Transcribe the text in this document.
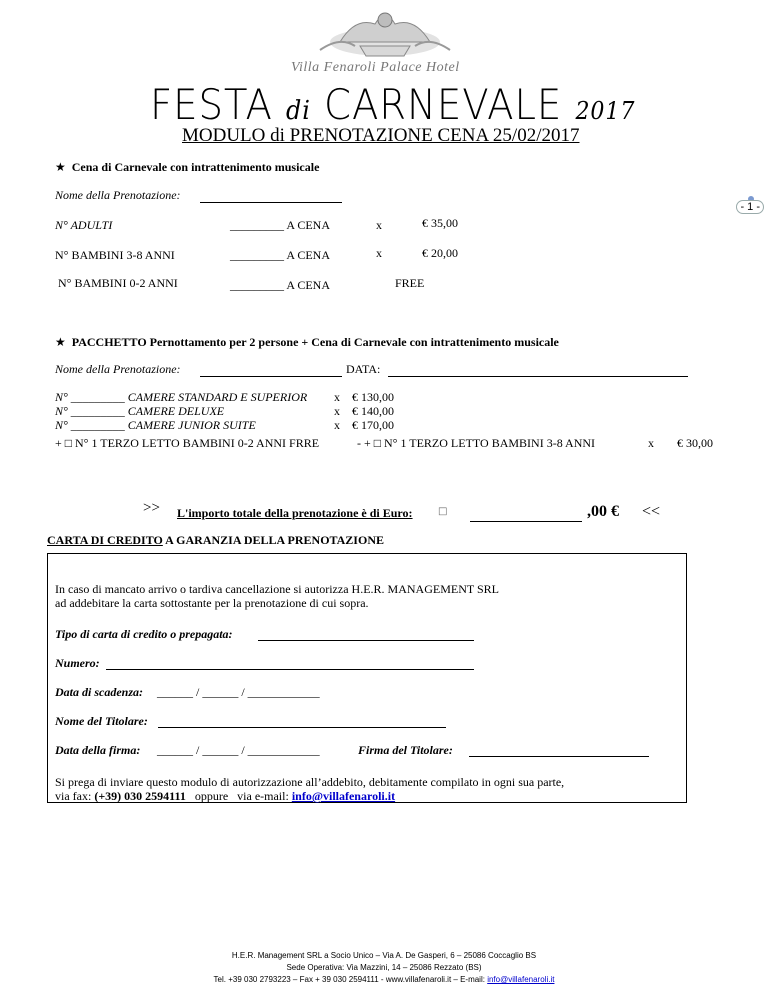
Villa Fenaroli Palace Hotel
FESTA di CARNEVALE 2017
MODULO di PRENOTAZIONE CENA 25/02/2017
- 1 -
★ Cena di Carnevale con intrattenimento musicale
Nome della Prenotazione:
N° ADULTI	_________ A CENA	x	€ 35,00
N° BAMBINI 3-8 ANNI	_________ A CENA	x	€ 20,00
N° BAMBINI 0-2 ANNI	_________ A CENA	FREE
★ PACCHETTO Pernottamento per 2 persone + Cena di Carnevale con intrattenimento musicale
Nome della Prenotazione:	DATA:
N° _________ CAMERE STANDARD E SUPERIOR x € 130,00
N° _________ CAMERE DELUXE	x € 140,00
N° _________ CAMERE JUNIOR SUITE	x € 170,00
+ □ N° 1 TERZO LETTO BAMBINI 0-2 ANNI FRRE	- + □ N° 1 TERZO LETTO BAMBINI 3-8 ANNI	x € 30,00
>> L'importo totale della prenotazione è di Euro:	□	,00 € <<
CARTA DI CREDITO A GARANZIA DELLA PRENOTAZIONE
In caso di mancato arrivo o tardiva cancellazione si autorizza H.E.R. MANAGEMENT SRL
ad addebitare la carta sottostante per la prenotazione di cui sopra.
Tipo di carta di credito o prepagata:
Numero:
Data di scadenza: ______ / ______ / ____________
Nome del Titolare:
Data della firma: ______ / ______ / ____________	Firma del Titolare:
Si prega di inviare questo modulo di autorizzazione all’addebito, debitamente compilato in ogni sua parte,
via fax: (+39) 030 2594111   oppure   via e-mail: info@villafenaroli.it
H.E.R. Management SRL a Socio Unico – Via A. De Gasperi, 6 – 25086 Coccaglio BS
Sede Operativa: Via Mazzini, 14 – 25086 Rezzato (BS)
Tel. +39 030 2793223 – Fax + 39 030 2594111 - www.villafenaroli.it – E-mail: info@villafenaroli.it
